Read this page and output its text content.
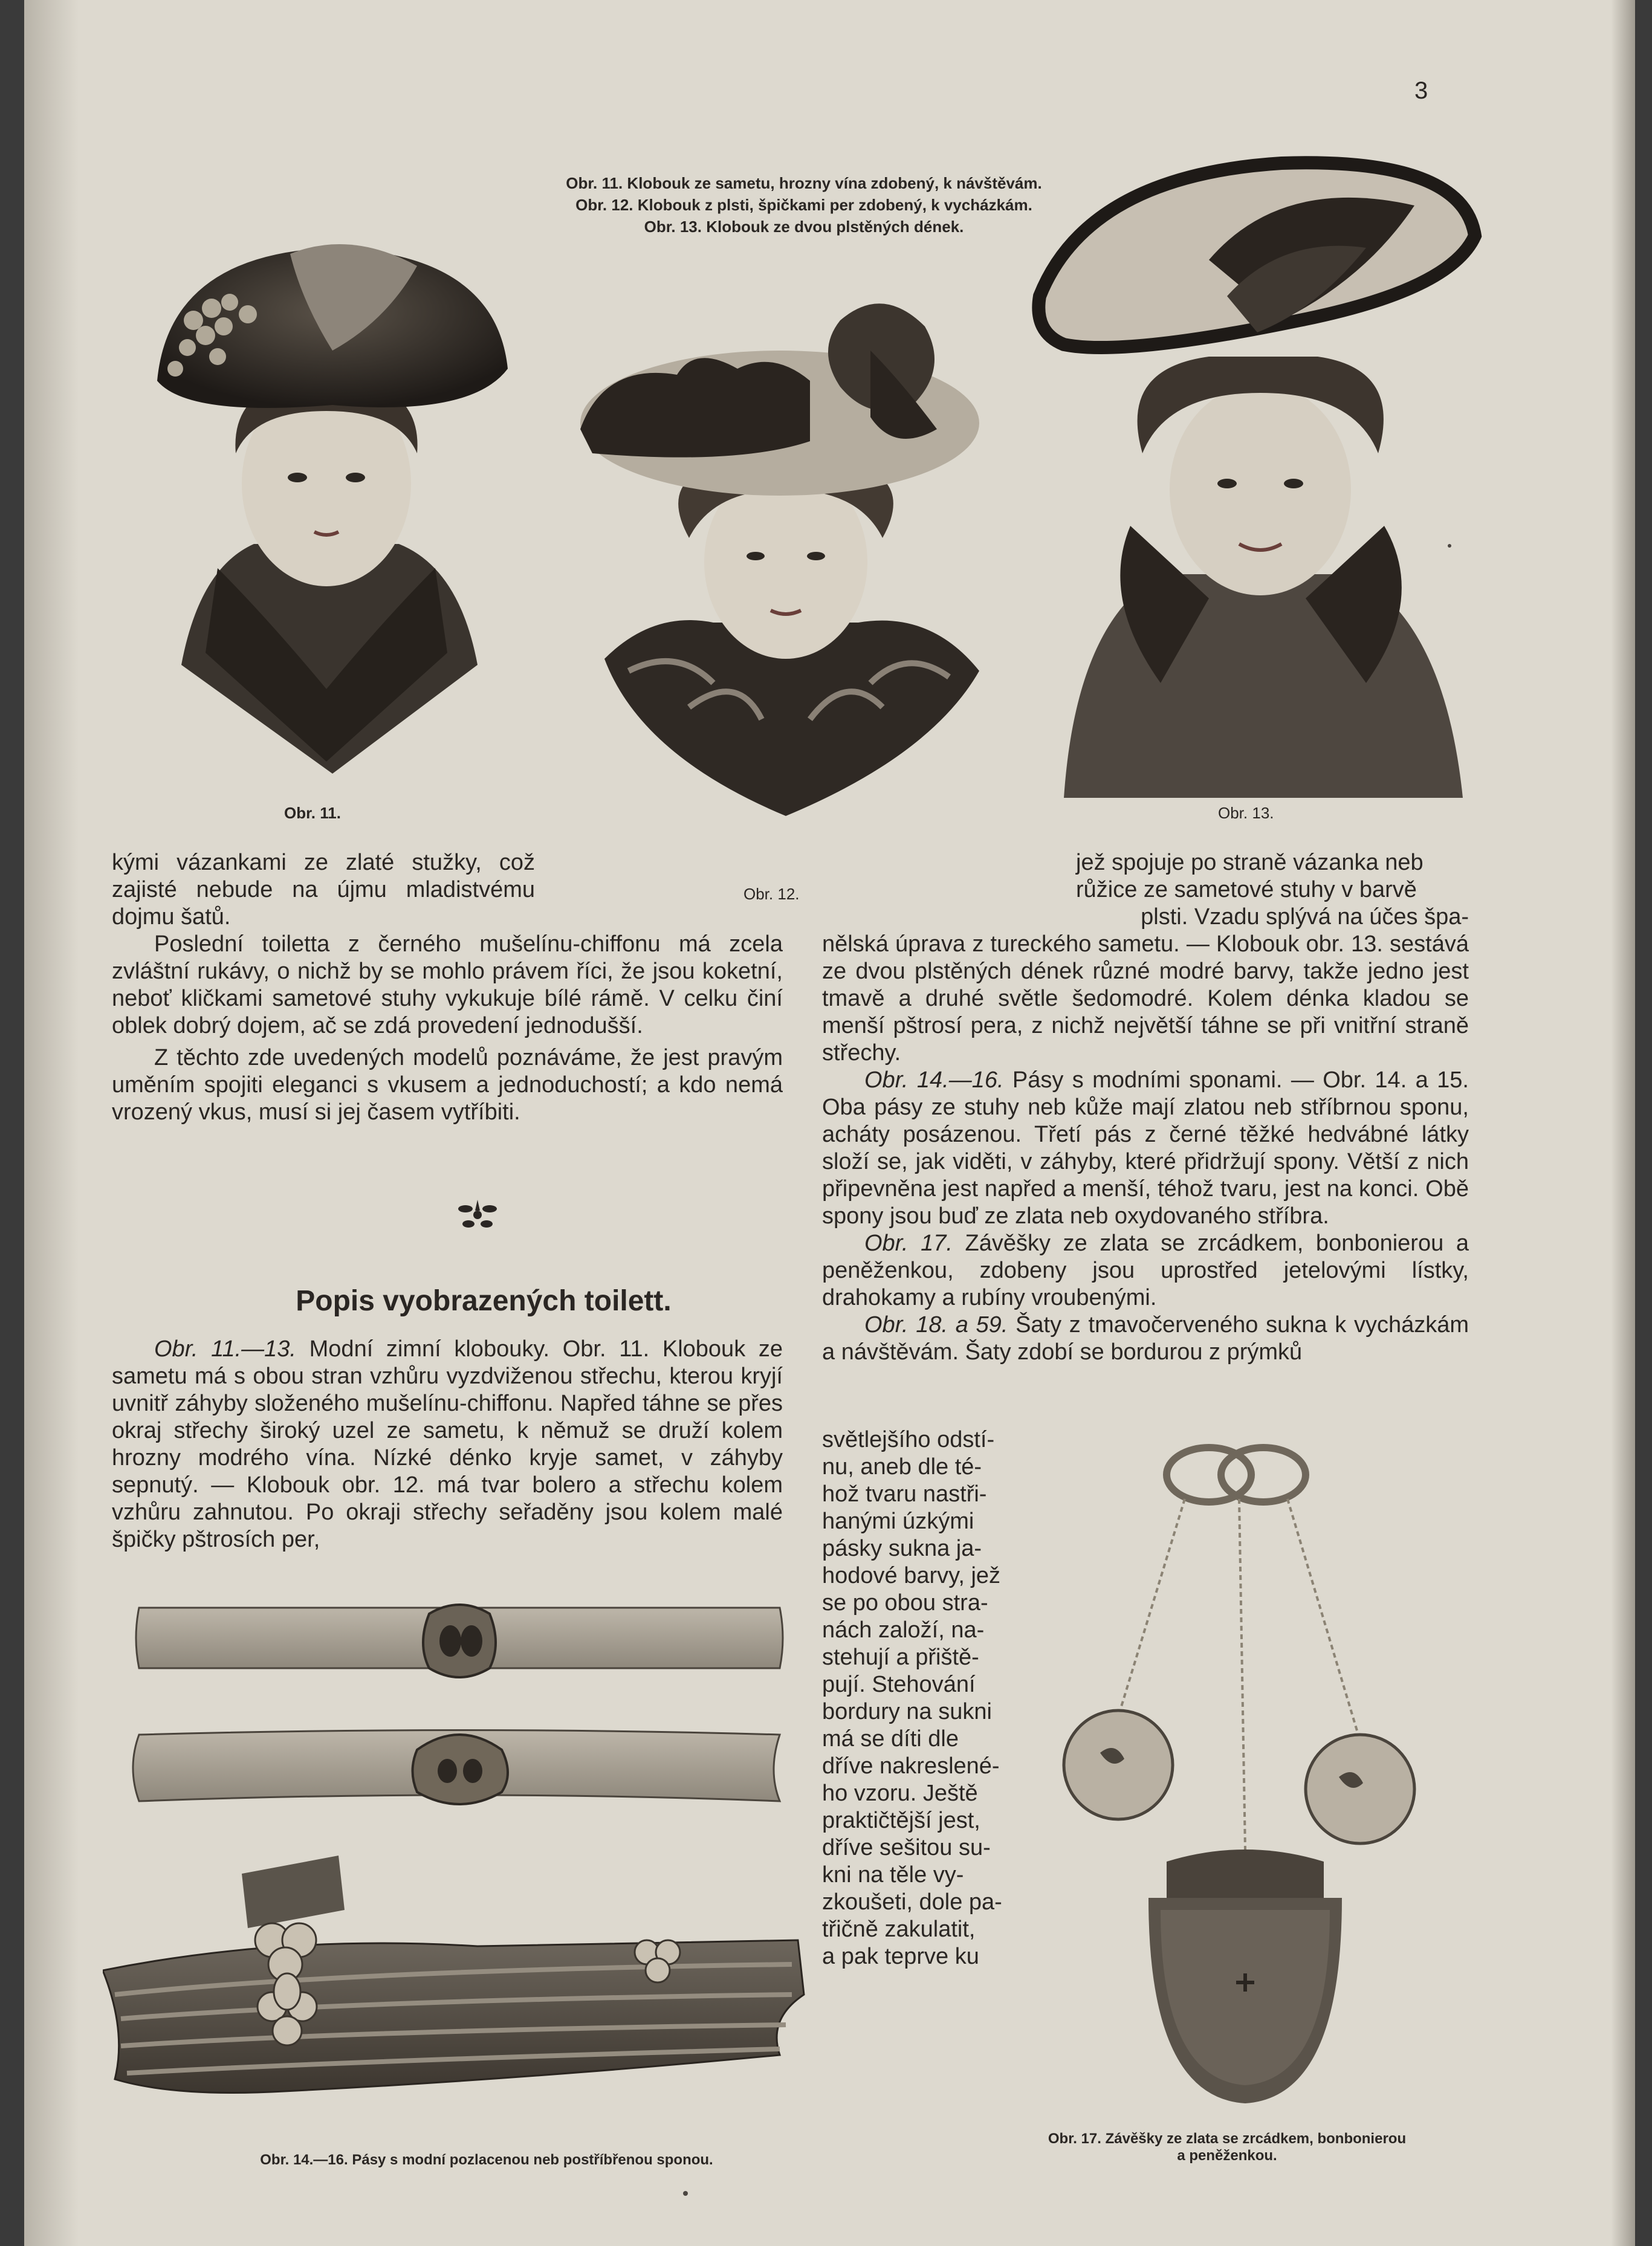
3
Obr. 11. Klobouk ze sametu, hrozny vína zdobený, k návštěvám.
Obr. 12. Klobouk z plsti, špičkami per zdobený, k vycházkám.
Obr. 13. Klobouk ze dvou plstěných dének.
Obr. 11.
Obr. 12.
Obr. 13.

kými vázankami ze zlaté stužky, což zajisté nebude na újmu mladistvému dojmu šatů.

Poslední toiletta z černého mušelínu-chiffonu má zcela zvláštní rukávy, o nichž by se mohlo právem říci, že jsou koketní, neboť kličkami sametové stuhy vykukuje bílé rámě. V celku činí oblek dobrý dojem, ač se zdá provedení jednodušší.

Z těchto zde uvedených modelů poznáváme, že jest pravým uměním spojiti eleganci s vkusem a jednoduchostí; a kdo nemá vrozený vkus, musí si jej časem vytříbiti.

Popis vyobrazených toilett.

Obr. 11.—13. Modní zimní klobouky. Obr. 11. Klobouk ze sametu má s obou stran vzhůru vyzdviženou střechu, kterou kryjí uvnitř záhyby složeného mušelínu-chiffonu. Napřed táhne se přes okraj střechy široký uzel ze sametu, k němuž se druží kolem hrozny modrého vína. Nízké dénko kryje samet, v záhyby sepnutý. — Klobouk obr. 12. má tvar bolero a střechu kolem vzhůru zahnutou. Po okraji střechy seřaděny jsou kolem malé špičky pštrosích per,

jež spojuje po straně vázanka neb

růžice ze sametové stuhy v barvě

plsti. Vzadu splývá na účes špa-

nělská úprava z tureckého sametu. — Klobouk obr. 13. sestává ze dvou plstěných dének různé modré barvy, takže jedno jest tmavě a druhé světle šedomodré. Kolem dénka kladou se menší pštrosí pera, z nichž největší táhne se při vnitřní straně střechy.

Obr. 14.—16. Pásy s modními sponami. — Obr. 14. a 15. Oba pásy ze stuhy neb kůže mají zlatou neb stříbrnou sponu, acháty posázenou. Třetí pás z černé těžké hedvábné látky složí se, jak viděti, v záhyby, které přidržují spony. Větší z nich připevněna jest napřed a menší, téhož tvaru, jest na konci. Obě spony jsou buď ze zlata neb oxydovaného stříbra.

Obr. 17. Závěšky ze zlata se zrcádkem, bonbonierou a peněženkou, zdobeny jsou uprostřed jetelovými lístky, drahokamy a rubíny vroubenými.

Obr. 18. a 59. Šaty z tmavočerveného sukna k vycházkám a návštěvám. Šaty zdobí se bordurou z prýmků

světlejšího odstí-
nu, aneb dle té-
hož tvaru nastři-
hanými úzkými
pásky sukna ja-
hodové barvy, jež
se po obou stra-
nách založí, na-
stehují a přiště-
pují. Stehování
bordury na sukni
má se díti dle
dříve nakreslené-
ho vzoru. Ještě
praktičtější jest,
dříve sešitou su-
kni na těle vy-
zkoušeti, dole pa-
třičně zakulatit,
a pak teprve ku
Obr. 14.—16. Pásy s modní pozlacenou neb postříbřenou sponou.
Obr. 17. Závěšky ze zlata se zrcádkem, bonbonierou
a peněženkou.
